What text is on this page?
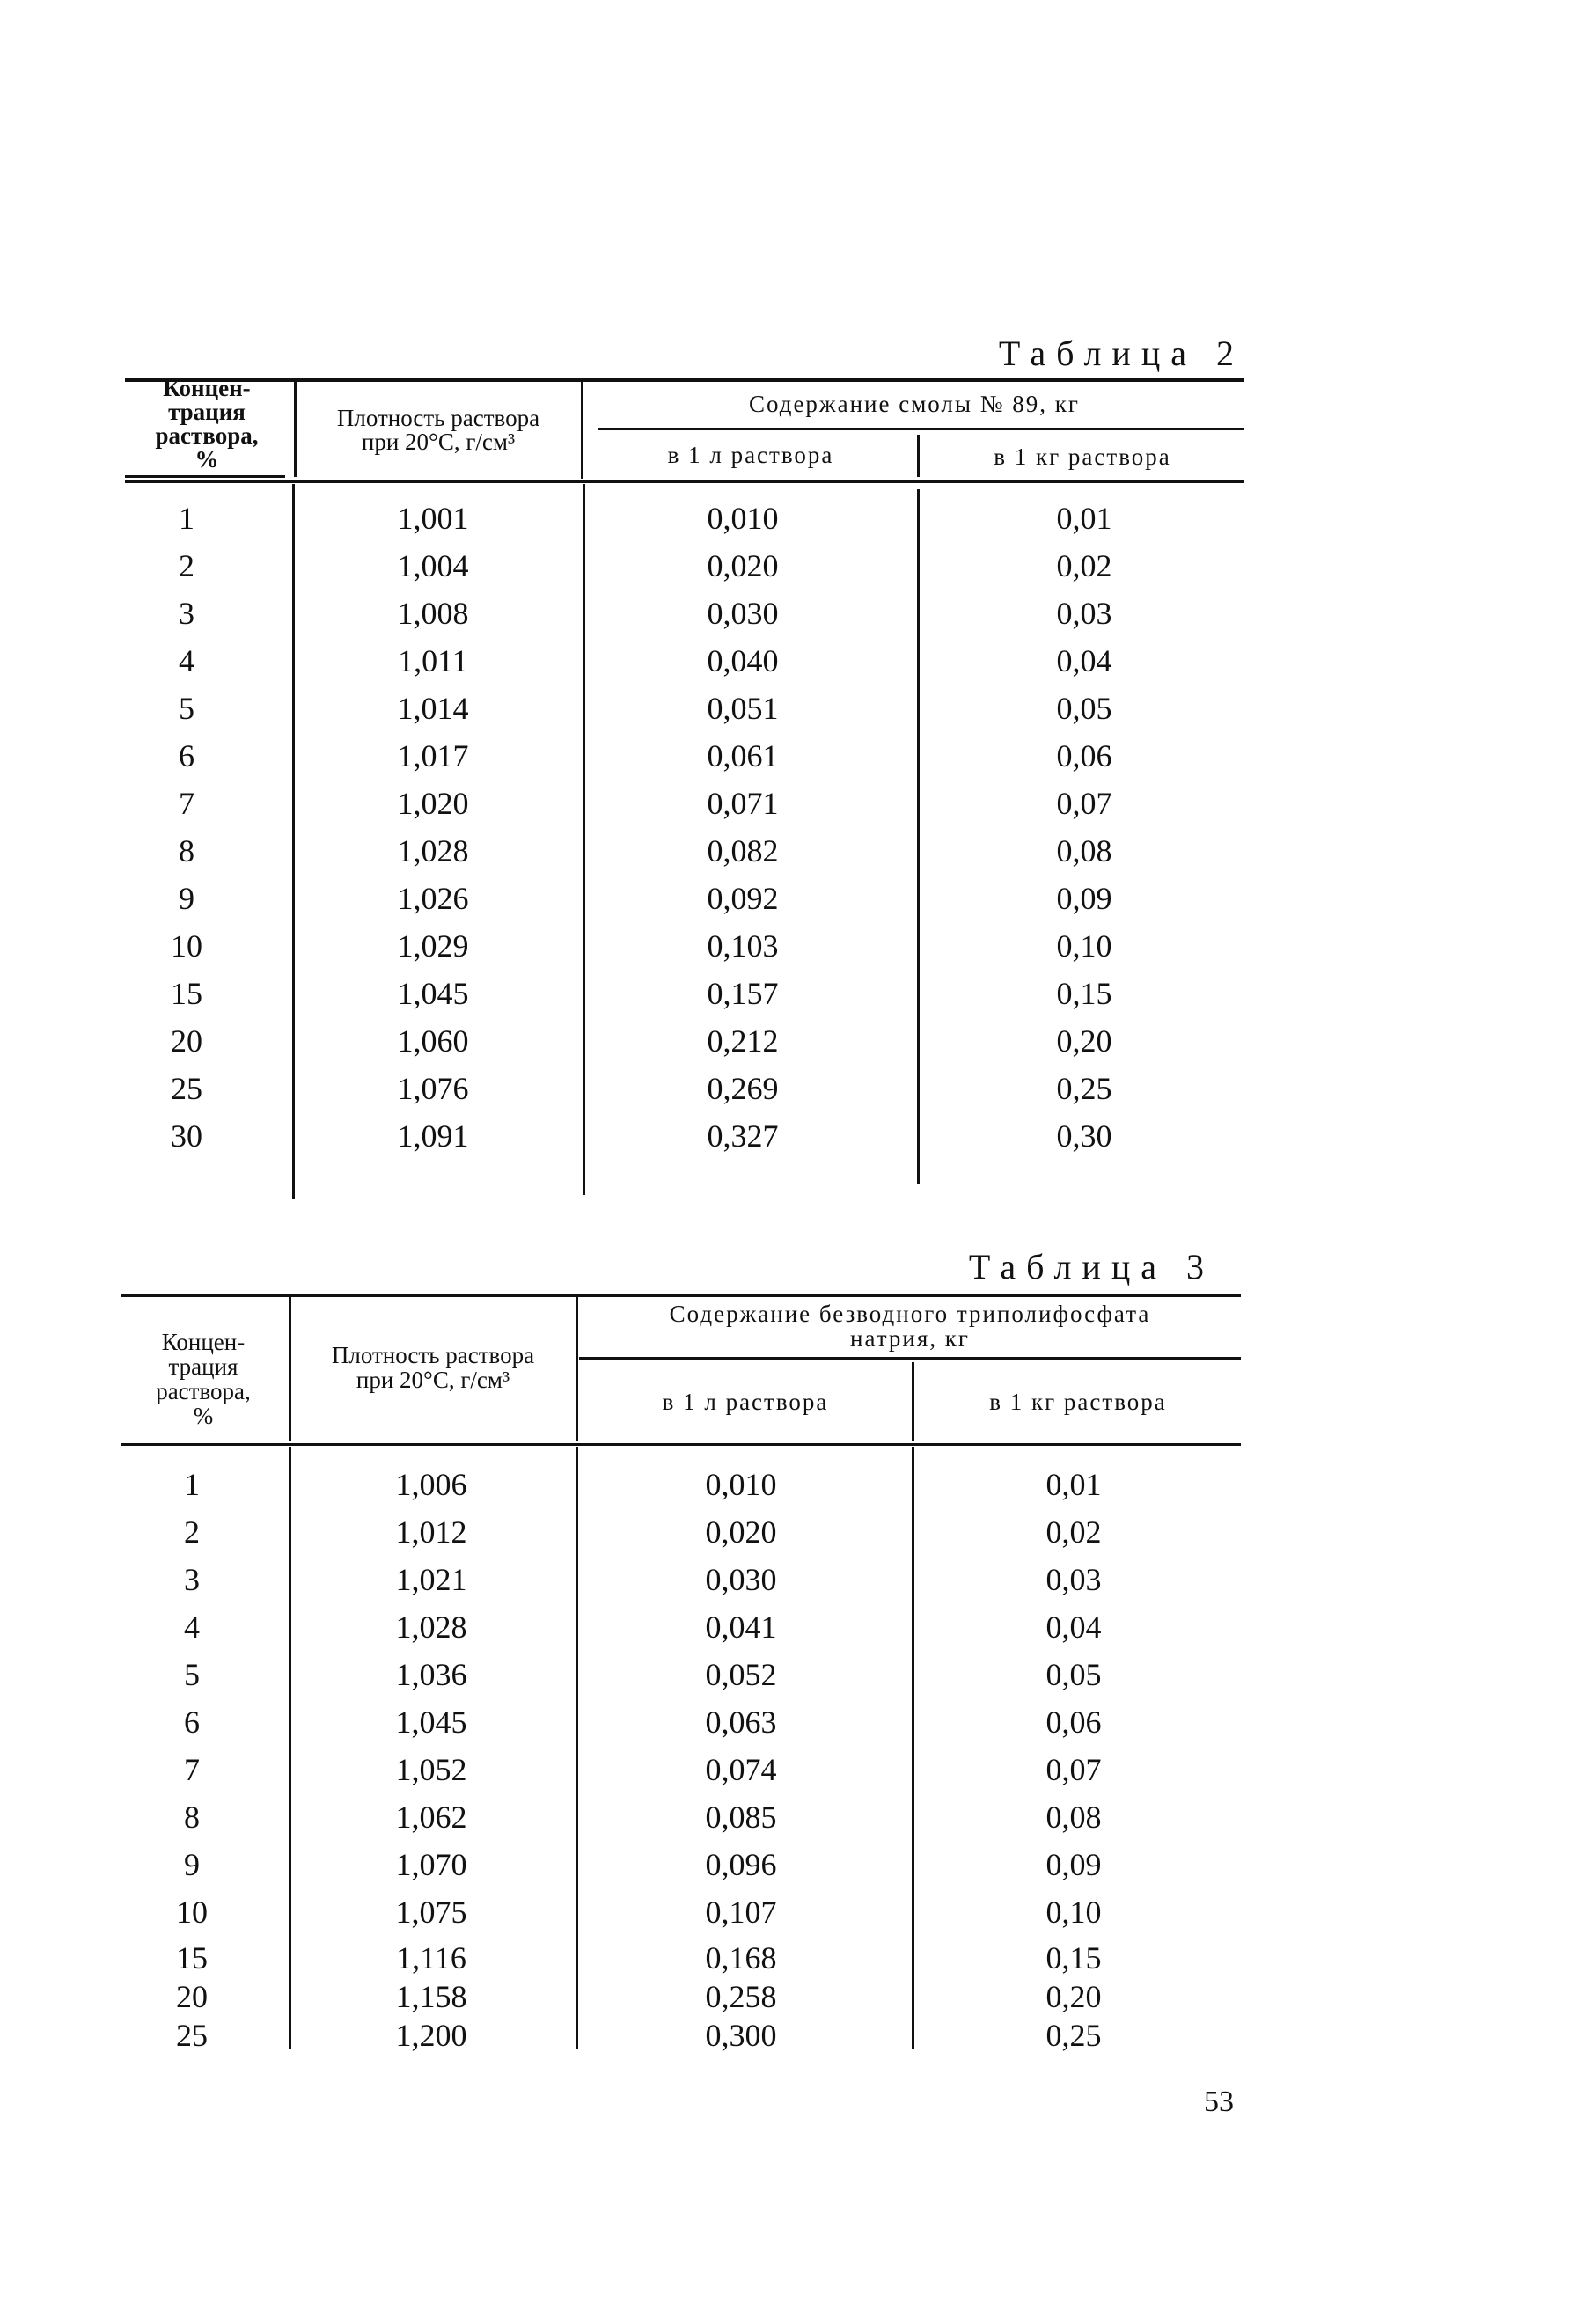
Таблица 2
Концен-
трация
раствора,
%
Плотность раствора
при 20°С, г/см³
Содержание смолы № 89, кг
в 1 л раствора	в 1 кг раствора
1	1,001	0,010	0,01
2	1,004	0,020	0,02
3	1,008	0,030	0,03
4	1,011	0,040	0,04
5	1,014	0,051	0,05
6	1,017	0,061	0,06
7	1,020	0,071	0,07
8	1,028	0,082	0,08
9	1,026	0,092	0,09
10	1,029	0,103	0,10
15	1,045	0,157	0,15
20	1,060	0,212	0,20
25	1,076	0,269	0,25
30	1,091	0,327	0,30
Таблица 3
Концен-
трация
раствора,
%
Плотность раствора
при 20°С, г/см³
Содержание безводного триполифосфата
натрия, кг
в 1 л раствора	в 1 кг раствора
1	1,006	0,010	0,01
2	1,012	0,020	0,02
3	1,021	0,030	0,03
4	1,028	0,041	0,04
5	1,036	0,052	0,05
6	1,045	0,063	0,06
7	1,052	0,074	0,07
8	1,062	0,085	0,08
9	1,070	0,096	0,09
10	1,075	0,107	0,10
15	1,116	0,168	0,15
20	1,158	0,258	0,20
25	1,200	0,300	0,25
53
